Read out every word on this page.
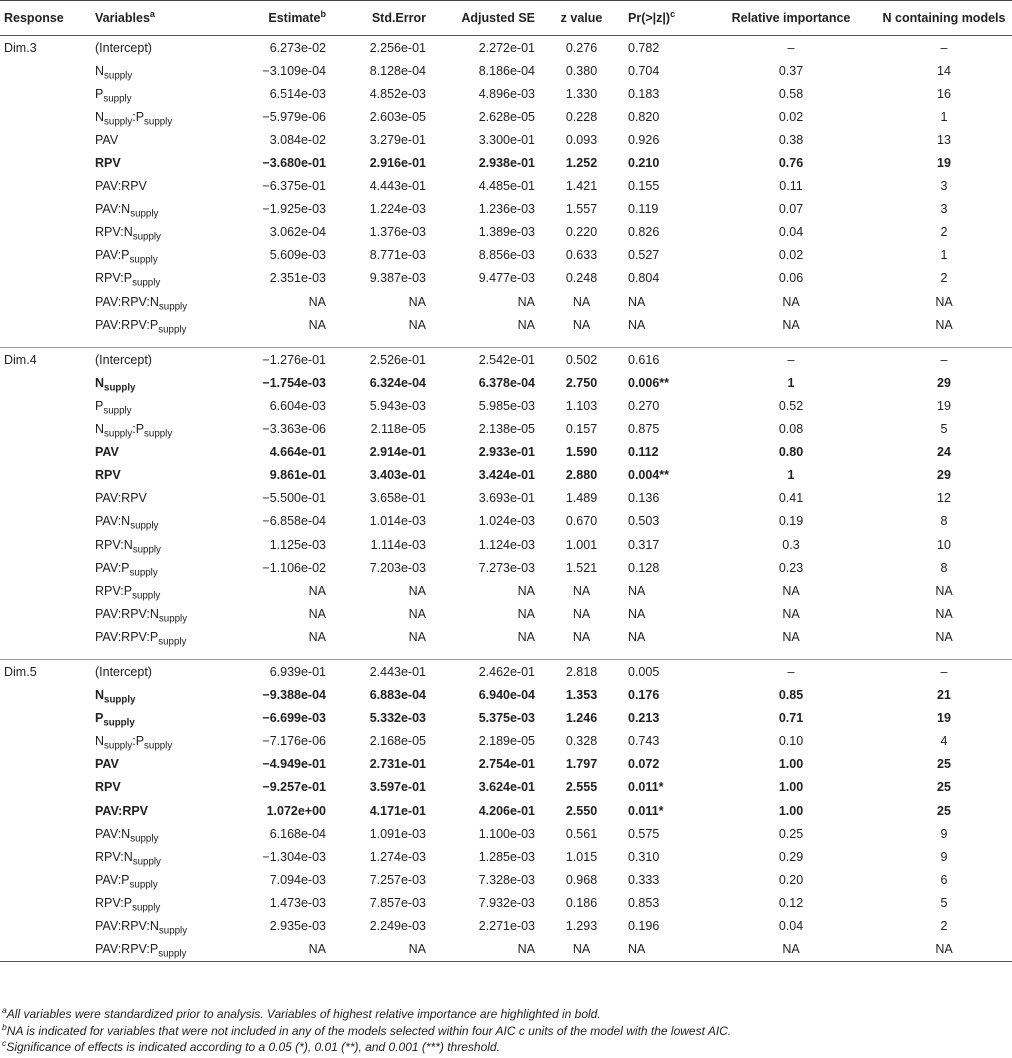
Response	Variables$^a$	Estimate$^b$	Std.Error	Adjusted SE	z value	Pr(>|z|)$^c$	Relative importance	N containing models
Dim.3	(Intercept)	6.273e-02	2.256e-01	2.272e-01	0.276	0.782	–	–
	$N_{supply}$	−3.109e-04	8.128e-04	8.186e-04	0.380	0.704	0.37	14
	$P_{supply}$	6.514e-03	4.852e-03	4.896e-03	1.330	0.183	0.58	16
	$N_{supply}:P_{supply}$	−5.979e-06	2.603e-05	2.628e-05	0.228	0.820	0.02	1
	PAV	3.084e-02	3.279e-01	3.300e-01	0.093	0.926	0.38	13
	RPV	−3.680e-01	2.916e-01	2.938e-01	1.252	0.210	0.76	19
	PAV:RPV	−6.375e-01	4.443e-01	4.485e-01	1.421	0.155	0.11	3
	$PAV:N_{supply}$	−1.925e-03	1.224e-03	1.236e-03	1.557	0.119	0.07	3
	$RPV:N_{supply}$	3.062e-04	1.376e-03	1.389e-03	0.220	0.826	0.04	2
	$PAV:P_{supply}$	5.609e-03	8.771e-03	8.856e-03	0.633	0.527	0.02	1
	$RPV:P_{supply}$	2.351e-03	9.387e-03	9.477e-03	0.248	0.804	0.06	2
	$PAV:RPV:N_{supply}$	NA	NA	NA	NA	NA	NA	NA
	$PAV:RPV:P_{supply}$	NA	NA	NA	NA	NA	NA	NA

Dim.4	(Intercept)	−1.276e-01	2.526e-01	2.542e-01	0.502	0.616	–	–
	$N_{supply}$	−1.754e-03	6.324e-04	6.378e-04	2.750	0.006**	1	29
	$P_{supply}$	6.604e-03	5.943e-03	5.985e-03	1.103	0.270	0.52	19
	$N_{supply}:P_{supply}$	−3.363e-06	2.118e-05	2.138e-05	0.157	0.875	0.08	5
	PAV	4.664e-01	2.914e-01	2.933e-01	1.590	0.112	0.80	24
	RPV	9.861e-01	3.403e-01	3.424e-01	2.880	0.004**	1	29
	PAV:RPV	−5.500e-01	3.658e-01	3.693e-01	1.489	0.136	0.41	12
	$PAV:N_{supply}$	−6.858e-04	1.014e-03	1.024e-03	0.670	0.503	0.19	8
	$RPV:N_{supply}$	1.125e-03	1.114e-03	1.124e-03	1.001	0.317	0.3	10
	$PAV:P_{supply}$	−1.106e-02	7.203e-03	7.273e-03	1.521	0.128	0.23	8
	$RPV:P_{supply}$	NA	NA	NA	NA	NA	NA	NA
	$PAV:RPV:N_{supply}$	NA	NA	NA	NA	NA	NA	NA
	$PAV:RPV:P_{supply}$	NA	NA	NA	NA	NA	NA	NA

Dim.5	(Intercept)	6.939e-01	2.443e-01	2.462e-01	2.818	0.005	–	–
	$N_{supply}$	−9.388e-04	6.883e-04	6.940e-04	1.353	0.176	0.85	21
	$P_{supply}$	−6.699e-03	5.332e-03	5.375e-03	1.246	0.213	0.71	19
	$N_{supply}:P_{supply}$	−7.176e-06	2.168e-05	2.189e-05	0.328	0.743	0.10	4
	PAV	−4.949e-01	2.731e-01	2.754e-01	1.797	0.072	1.00	25
	RPV	−9.257e-01	3.597e-01	3.624e-01	2.555	0.011*	1.00	25
	PAV:RPV	1.072e+00	4.171e-01	4.206e-01	2.550	0.011*	1.00	25
	$PAV:N_{supply}$	6.168e-04	1.091e-03	1.100e-03	0.561	0.575	0.25	9
	$RPV:N_{supply}$	−1.304e-03	1.274e-03	1.285e-03	1.015	0.310	0.29	9
	$PAV:P_{supply}$	7.094e-03	7.257e-03	7.328e-03	0.968	0.333	0.20	6
	$RPV:P_{supply}$	1.473e-03	7.857e-03	7.932e-03	0.186	0.853	0.12	5
	$PAV:RPV:N_{supply}$	2.935e-03	2.249e-03	2.271e-03	1.293	0.196	0.04	2
	$PAV:RPV:P_{supply}$	NA	NA	NA	NA	NA	NA	NA
$^a$All variables were standardized prior to analysis. Variables of highest relative importance are highlighted in bold.
$^b$NA is indicated for variables that were not included in any of the models selected within four AIC c units of the model with the lowest AIC.
$^c$Significance of effects is indicated according to a 0.05 (*), 0.01 (**), and 0.001 (***) threshold.
